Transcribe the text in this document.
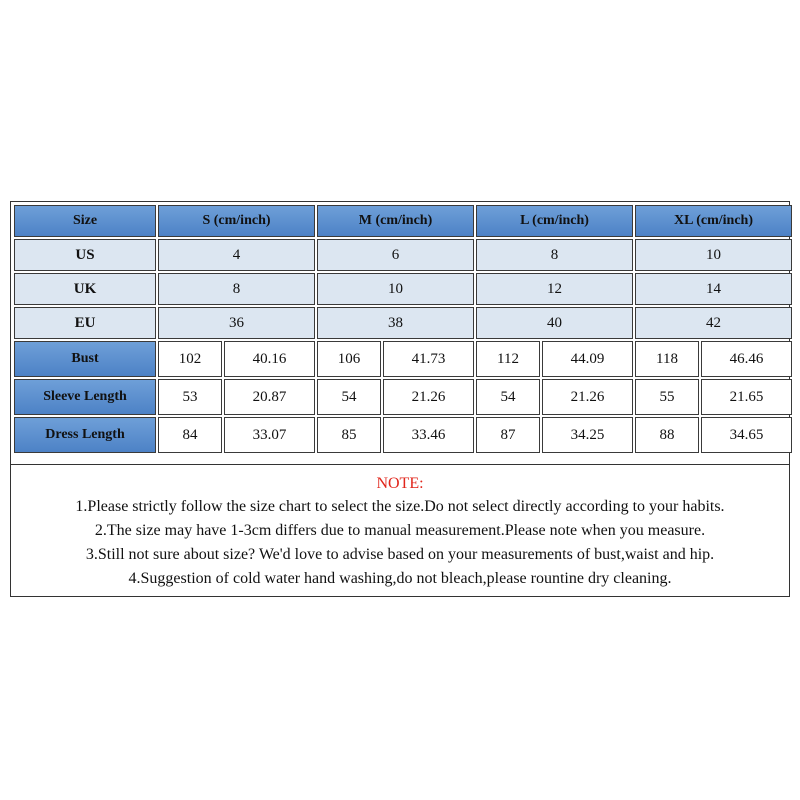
Size	S (cm/inch)		M (cm/inch)		L (cm/inch)		XL (cm/inch)	
US	4		6		8		10	
UK	8		10		12		14	
EU	36		38		40		42	
Bust	102	40.16	106	41.73	112	44.09	118	46.46
Sleeve Length	53	20.87	54	21.26	54	21.26	55	21.65
Dress Length	84	33.07	85	33.46	87	34.25	88	34.65
NOTE:
1.Please strictly follow the size chart to select the size.Do not select directly according to your habits.
2.The size may have 1-3cm differs due to manual measurement.Please note when you measure.
3.Still not sure about size? We'd love to advise based on your measurements of bust,waist and hip.
4.Suggestion of cold water hand washing,do not bleach,please rountine dry cleaning.
